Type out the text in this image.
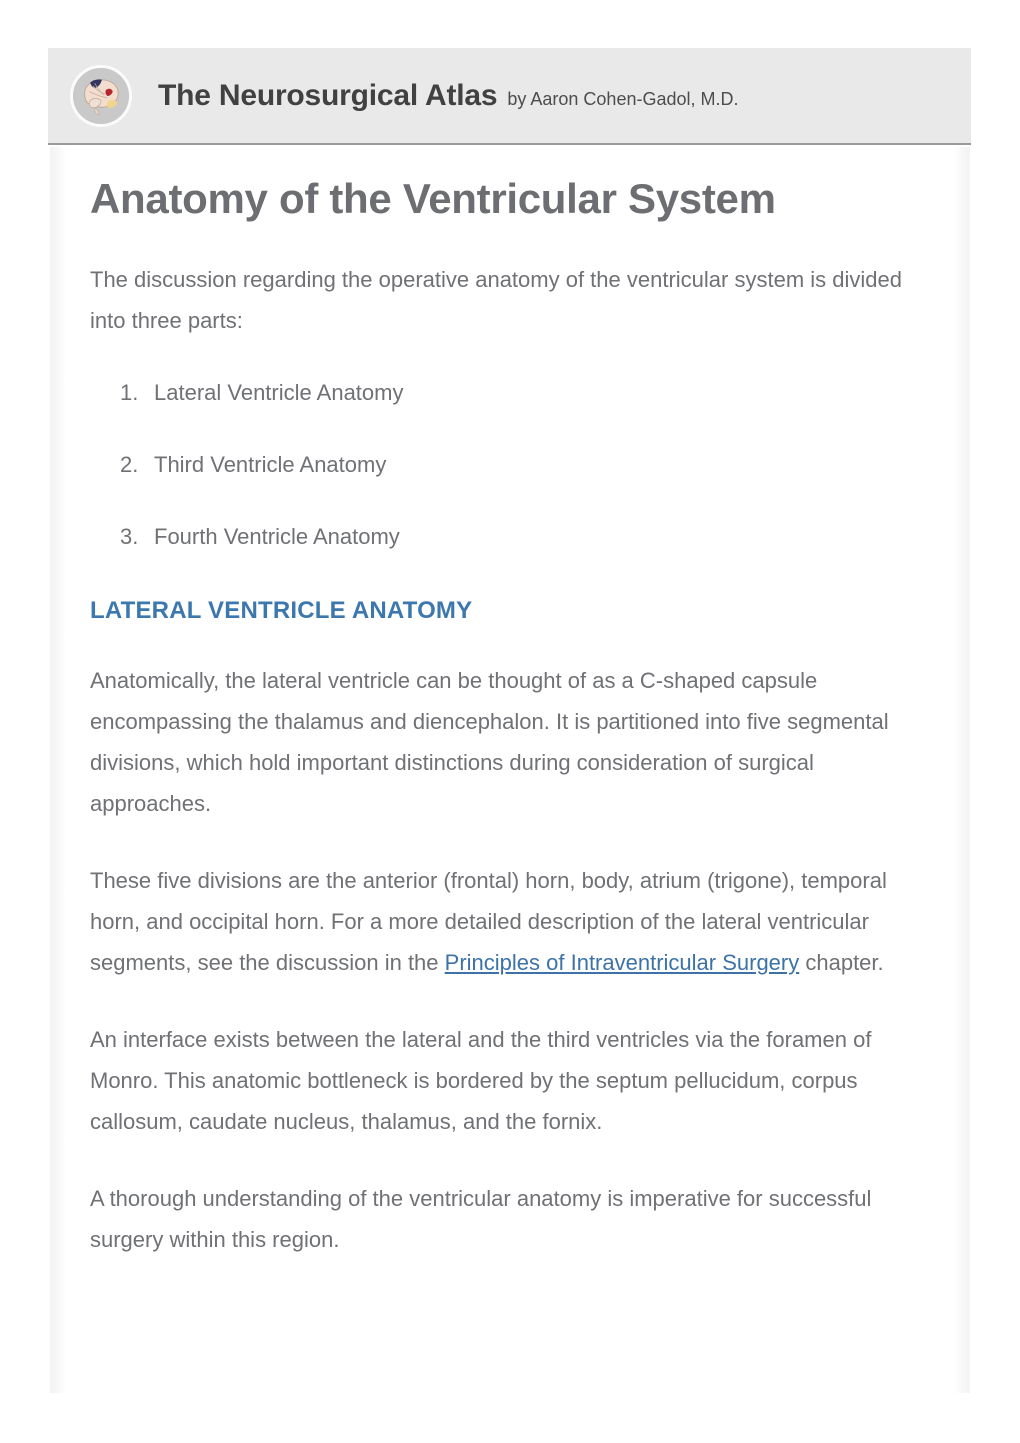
The Neurosurgical Atlas by Aaron Cohen-Gadol, M.D.
Anatomy of the Ventricular System

The discussion regarding the operative anatomy of the ventricular system is divided into three parts:

1. Lateral Ventricle Anatomy
2. Third Ventricle Anatomy
3. Fourth Ventricle Anatomy
LATERAL VENTRICLE ANATOMY

Anatomically, the lateral ventricle can be thought of as a C-shaped capsule encompassing the thalamus and diencephalon. It is partitioned into five segmental divisions, which hold important distinctions during consideration of surgical approaches.

These five divisions are the anterior (frontal) horn, body, atrium (trigone), temporal horn, and occipital horn. For a more detailed description of the lateral ventricular segments, see the discussion in the Principles of Intraventricular Surgery chapter.

An interface exists between the lateral and the third ventricles via the foramen of Monro. This anatomic bottleneck is bordered by the septum pellucidum, corpus callosum, caudate nucleus, thalamus, and the fornix.

A thorough understanding of the ventricular anatomy is imperative for successful surgery within this region.
